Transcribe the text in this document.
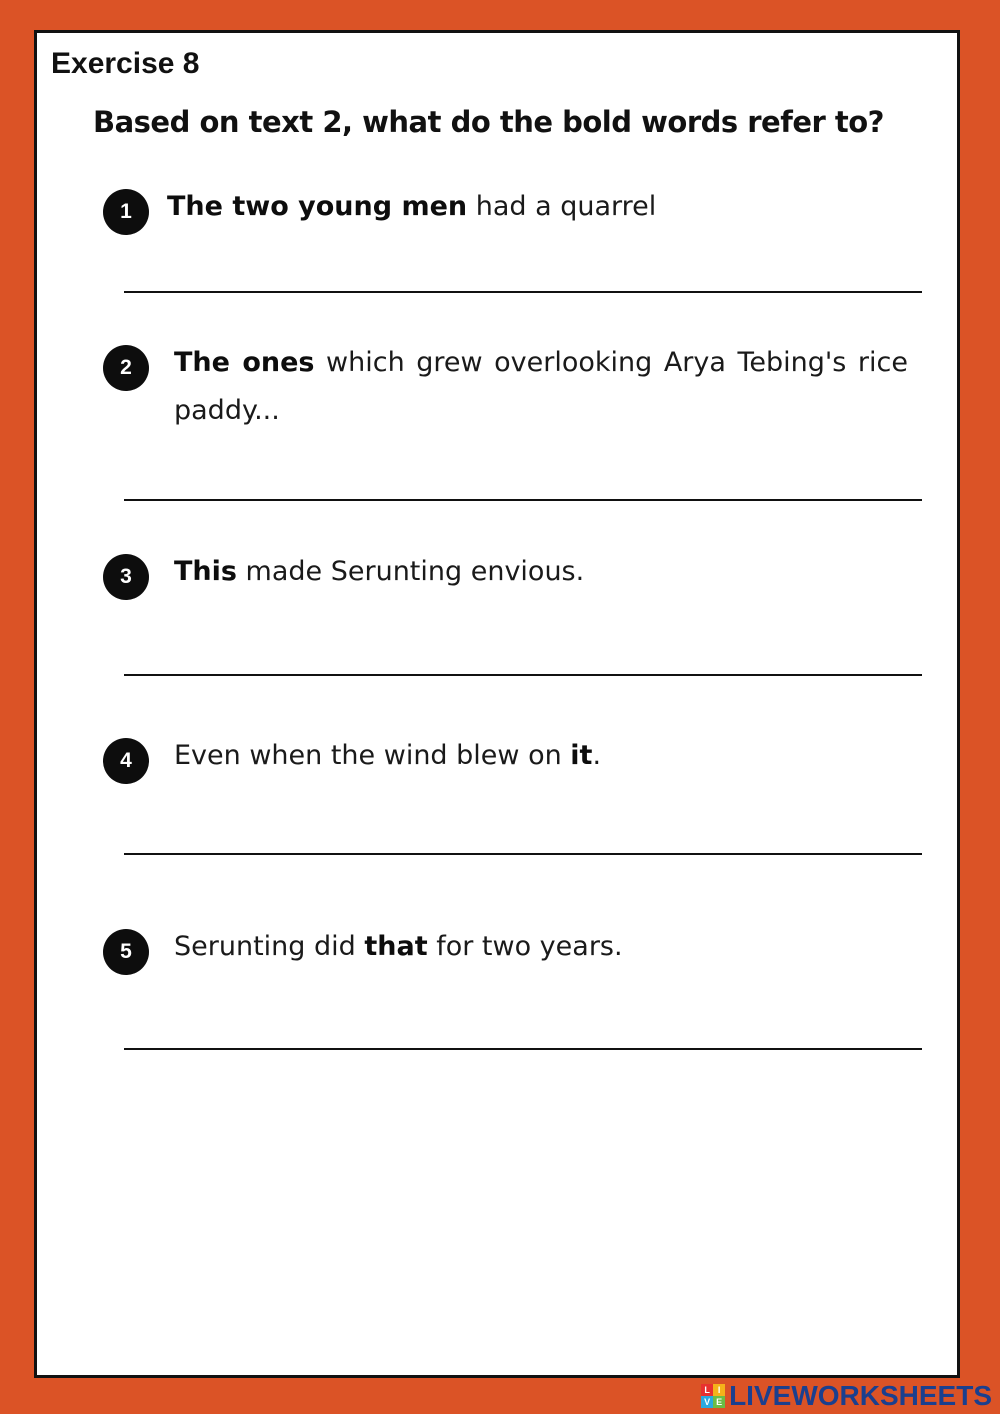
Exercise 8
Based on text 2, what do the bold words refer to?
1	The two young men had a quarrel

2	The ones which grew overlooking Arya Tebing's rice paddy...

3	This made Serunting envious.

4	Even when the wind blew on it.

5	Serunting did that for two years.

L I
V E LIVEWORKSHEETS
